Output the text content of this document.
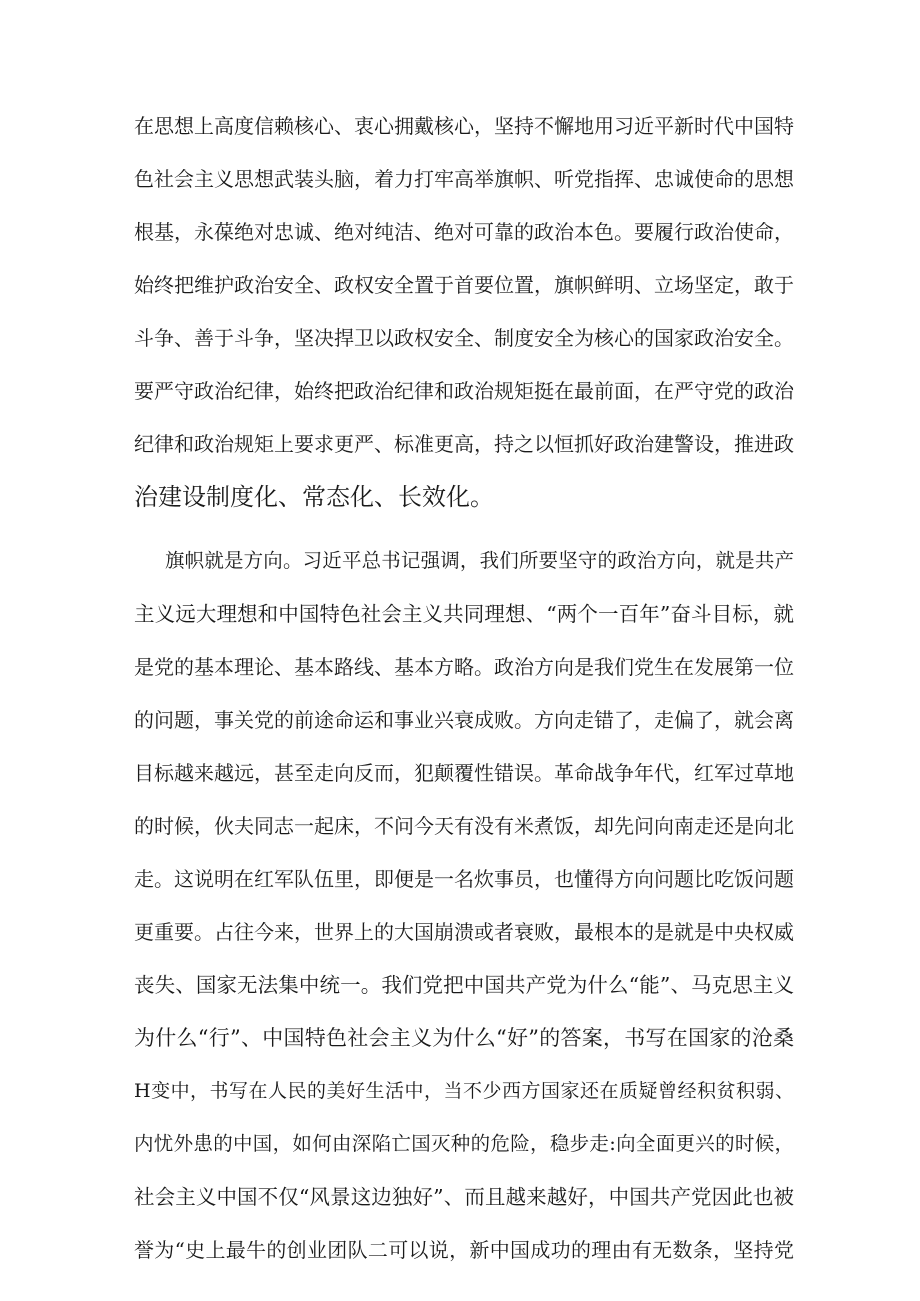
在思想上高度信赖核心、衷心拥戴核心，坚持不懈地用习近平新时代中国特
色社会主义思想武装头脑，着力打牢高举旗帜、听党指挥、忠诚使命的思想
根基，永葆绝对忠诚、绝对纯洁、绝对可靠的政治本色。要履行政治使命，
始终把维护政治安全、政权安全置于首要位置，旗帜鲜明、立场坚定，敢于
斗争、善于斗争，坚决捍卫以政权安全、制度安全为核心的国家政治安全。
要严守政治纪律，始终把政治纪律和政治规矩挺在最前面，在严守党的政治
纪律和政治规矩上要求更严、标准更高，持之以恒抓好政治建警设，推进政
治建设制度化、常态化、长效化。
旗帜就是方向。习近平总书记强调，我们所要坚守的政治方向，就是共产
主义远大理想和中国特色社会主义共同理想、“两个一百年”奋斗目标，就
是党的基本理论、基本路线、基本方略。政治方向是我们党生在发展第一位
的问题，事关党的前途命运和事业兴衰成败。方向走错了，走偏了，就会离
目标越来越远，甚至走向反而，犯颠覆性错误。革命战争年代，红军过草地
的时候，伙夫同志一起床，不问今天有没有米煮饭，却先问向南走还是向北
走。这说明在红军队伍里，即便是一名炊事员，也懂得方向问题比吃饭问题
更重要。占往今来，世界上的大国崩溃或者衰败，最根本的是就是中央权威
丧失、国家无法集中统一。我们党把中国共产党为什么“能”、马克思主义
为什么“行”、中国特色社会主义为什么“好”的答案，书写在国家的沧桑
H变中，书写在人民的美好生活中，当不少西方国家还在质疑曾经积贫积弱、
内忧外患的中国，如何由深陷亡国灭种的危险，稳步走:向全面更兴的时候，
社会主义中国不仅“风景这边独好”、而且越来越好，中国共产党因此也被
誉为“史上最牛的创业团队二可以说，新中国成功的理由有无数条，坚持党
